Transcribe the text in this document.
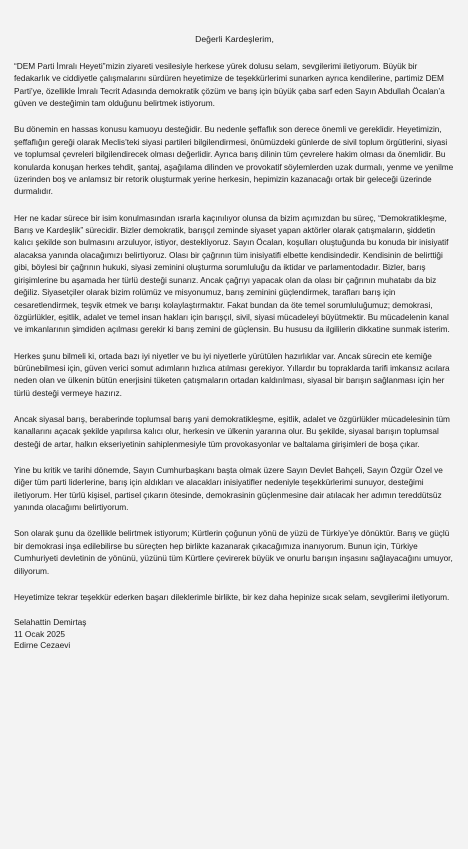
Değerli Kardeşlerim,

“DEM Parti İmralı Heyeti”mizin ziyareti vesilesiyle herkese yürek dolusu selam, sevgilerimi iletiyorum. Büyük bir fedakarlık ve ciddiyetle çalışmalarını sürdüren heyetimize de teşekkürlerimi sunarken ayrıca kendilerine, partimiz DEM Parti’ye, özellikle İmralı Tecrit Adasında demokratik çözüm ve barış için büyük çaba sarf eden Sayın Abdullah Öcalan’a güven ve desteğimin tam olduğunu belirtmek istiyorum.

Bu dönemin en hassas konusu kamuoyu desteğidir. Bu nedenle şeffaflık son derece önemli ve gereklidir. Heyetimizin, şeffaflığın gereği olarak Meclis’teki siyasi partileri bilgilendirmesi, önümüzdeki günlerde de sivil toplum örgütlerini, siyasi ve toplumsal çevreleri bilgilendirecek olması değerlidir. Ayrıca barış dilinin tüm çevrelere hakim olması da önemlidir. Bu konularda konuşan herkes tehdit, şantaj, aşağılama dilinden ve provokatif söylemlerden uzak durmalı, yenme ve yenilme üzerinden boş ve anlamsız bir retorik oluşturmak yerine herkesin, hepimizin kazanacağı ortak bir geleceği üzerinde durmalıdır.

Her ne kadar sürece bir isim konulmasından ısrarla kaçınılıyor olunsa da bizim açımızdan bu süreç, “Demokratikleşme, Barış ve Kardeşlik” sürecidir. Bizler demokratik, barışçıl zeminde siyaset yapan aktörler olarak çatışmaların, şiddetin kalıcı şekilde son bulmasını arzuluyor, istiyor, destekliyoruz. Sayın Öcalan, koşulları oluştuğunda bu konuda bir inisiyatif alacaksa yanında olacağımızı belirtiyoruz. Olası bir çağrının tüm inisiyatifi elbette kendisindedir. Kendisinin de belirttiği gibi, böylesi bir çağrının hukuki, siyasi zeminini oluşturma sorumluluğu da iktidar ve parlamentodadır. Bizler, barış girişimlerine bu aşamada her türlü desteği sunarız. Ancak çağrıyı yapacak olan da olası bir çağrının muhatabı da biz değiliz. Siyasetçiler olarak bizim rolümüz ve misyonumuz, barış zeminini güçlendirmek, tarafları barış için cesaretlendirmek, teşvik etmek ve barışı kolaylaştırmaktır. Fakat bundan da öte temel sorumluluğumuz; demokrasi, özgürlükler, eşitlik, adalet ve temel insan hakları için barışçıl, sivil, siyasi mücadeleyi büyütmektir. Bu mücadelenin kanal ve imkanlarının şimdiden açılması gerekir ki barış zemini de güçlensin. Bu hususu da ilgililerin dikkatine sunmak isterim.

Herkes şunu bilmeli ki, ortada bazı iyi niyetler ve bu iyi niyetlerle yürütülen hazırlıklar var. Ancak sürecin ete kemiğe bürünebilmesi için, güven verici somut adımların hızlıca atılması gerekiyor. Yıllardır bu topraklarda tarifi imkansız acılara neden olan ve ülkenin bütün enerjisini tüketen çatışmaların ortadan kaldırılması, siyasal bir barışın sağlanması için her türlü desteği vermeye hazırız.

Ancak siyasal barış, beraberinde toplumsal barış yani demokratikleşme, eşitlik, adalet ve özgürlükler mücadelesinin tüm kanallarını açacak şekilde yapılırsa kalıcı olur, herkesin ve ülkenin yararına olur. Bu şekilde, siyasal barışın toplumsal desteği de artar, halkın ekseriyetinin sahiplenmesiyle tüm provokasyonlar ve baltalama girişimleri de boşa çıkar.

Yine bu kritik ve tarihi dönemde, Sayın Cumhurbaşkanı başta olmak üzere Sayın Devlet Bahçeli, Sayın Özgür Özel ve diğer tüm parti liderlerine, barış için aldıkları ve alacakları inisiyatifler nedeniyle teşekkürlerimi sunuyor, desteğimi iletiyorum. Her türlü kişisel, partisel çıkarın ötesinde, demokrasinin güçlenmesine dair atılacak her adımın tereddütsüz yanında olacağımı belirtiyorum.

Son olarak şunu da özellikle belirtmek istiyorum; Kürtlerin çoğunun yönü de yüzü de Türkiye’ye dönüktür. Barış ve güçlü bir demokrasi inşa edilebilirse bu süreçten hep birlikte kazanarak çıkacağımıza inanıyorum. Bunun için, Türkiye Cumhuriyeti devletinin de yönünü, yüzünü tüm Kürtlere çevirerek büyük ve onurlu barışın inşasını sağlayacağını umuyor, diliyorum.

Heyetimize tekrar teşekkür ederken başarı dileklerimle birlikte, bir kez daha hepinize sıcak selam, sevgilerimi iletiyorum.

Selahattin Demirtaş
11 Ocak 2025
Edirne Cezaevi
